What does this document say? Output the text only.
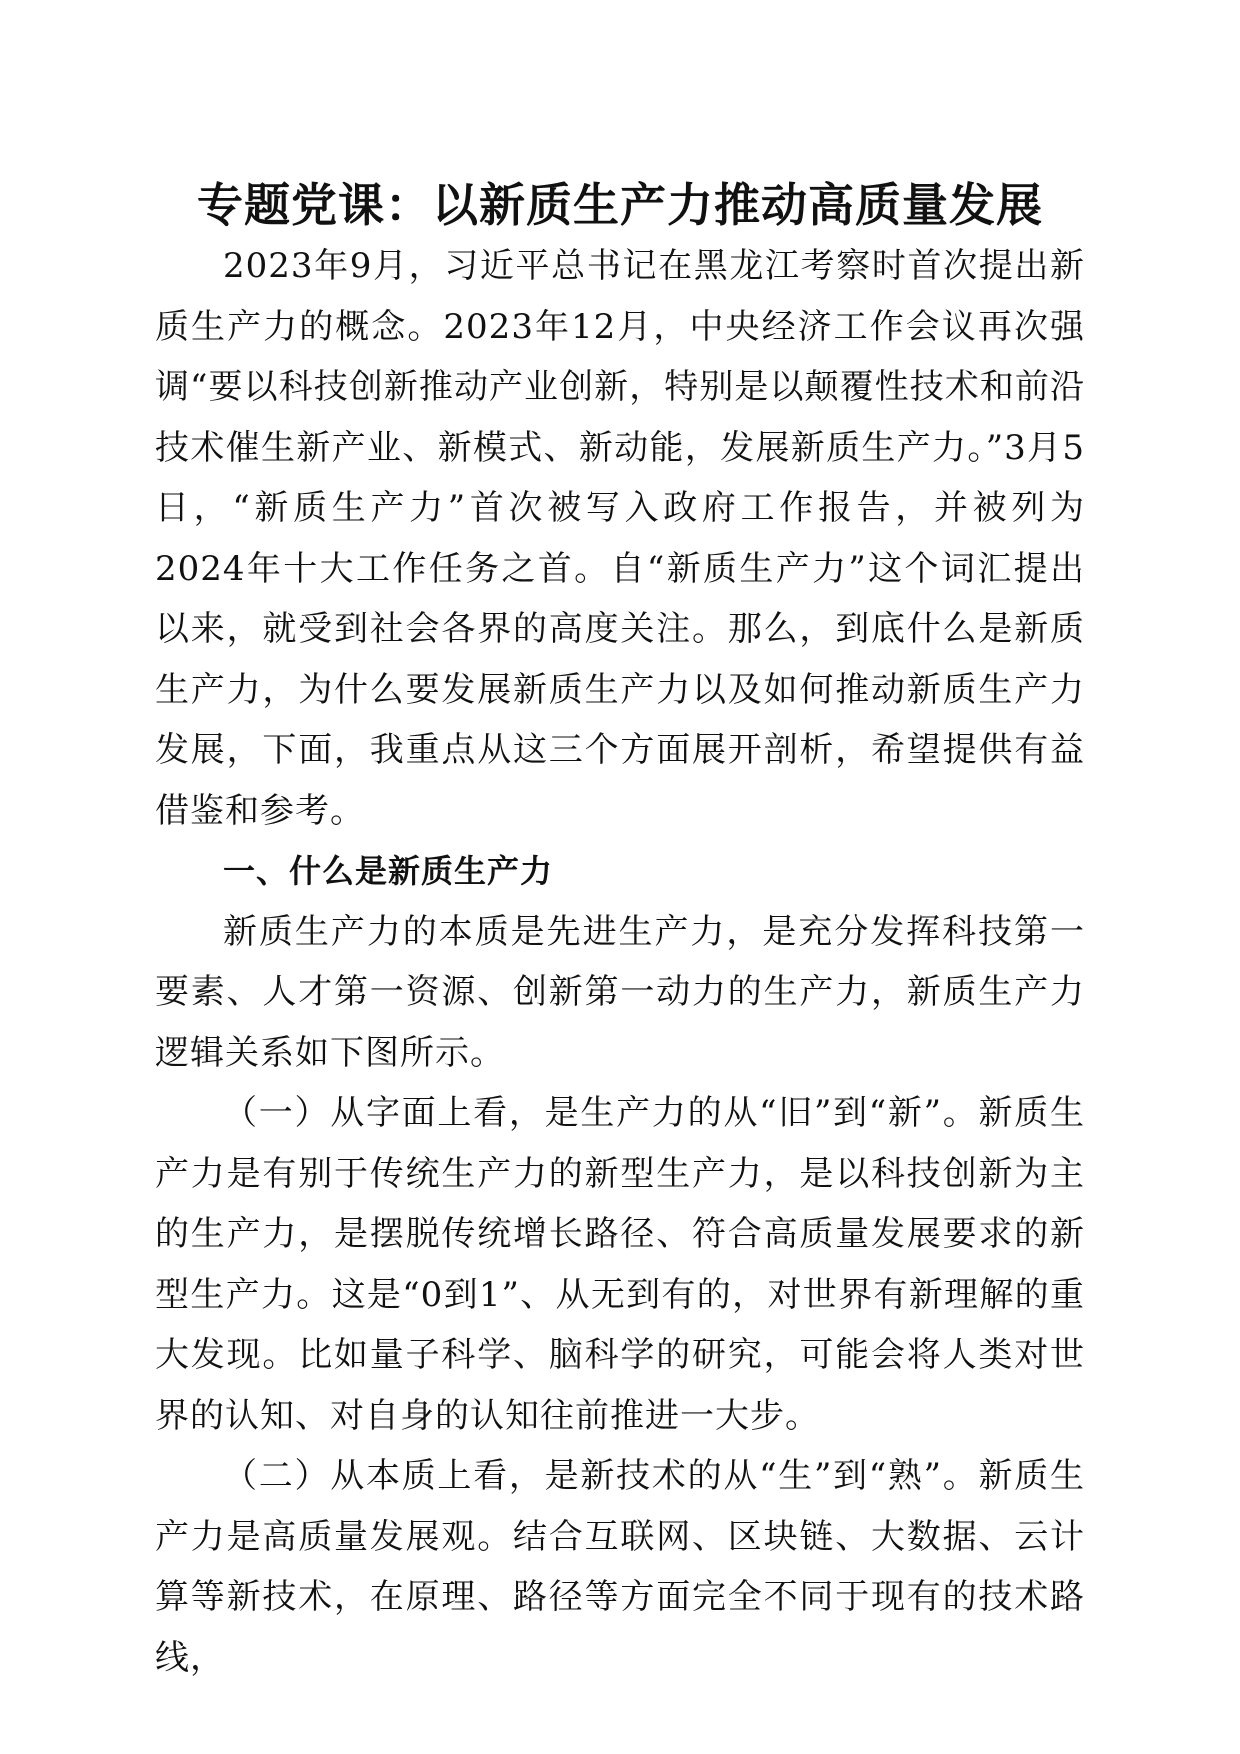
专题党课：以新质生产力推动高质量发展

2023年9月，习近平总书记在黑龙江考察时首次提出新质生产力的概念。2023年12月，中央经济工作会议再次强调“要以科技创新推动产业创新，特别是以颠覆性技术和前沿技术催生新产业、新模式、新动能，发展新质生产力。”3月5日，“新质生产力”首次被写入政府工作报告，并被列为2024年十大工作任务之首。自“新质生产力”这个词汇提出以来，就受到社会各界的高度关注。那么，到底什么是新质生产力，为什么要发展新质生产力以及如何推动新质生产力发展，下面，我重点从这三个方面展开剖析，希望提供有益借鉴和参考。

一、什么是新质生产力

新质生产力的本质是先进生产力，是充分发挥科技第一要素、人才第一资源、创新第一动力的生产力，新质生产力逻辑关系如下图所示。

（一）从字面上看，是生产力的从“旧”到“新”。新质生产力是有别于传统生产力的新型生产力，是以科技创新为主的生产力，是摆脱传统增长路径、符合高质量发展要求的新型生产力。这是“0到1”、从无到有的，对世界有新理解的重大发现。比如量子科学、脑科学的研究，可能会将人类对世界的认知、对自身的认知往前推进一大步。

（二）从本质上看，是新技术的从“生”到“熟”。新质生产力是高质量发展观。结合互联网、区块链、大数据、云计算等新技术，在原理、路径等方面完全不同于现有的技术路线，
